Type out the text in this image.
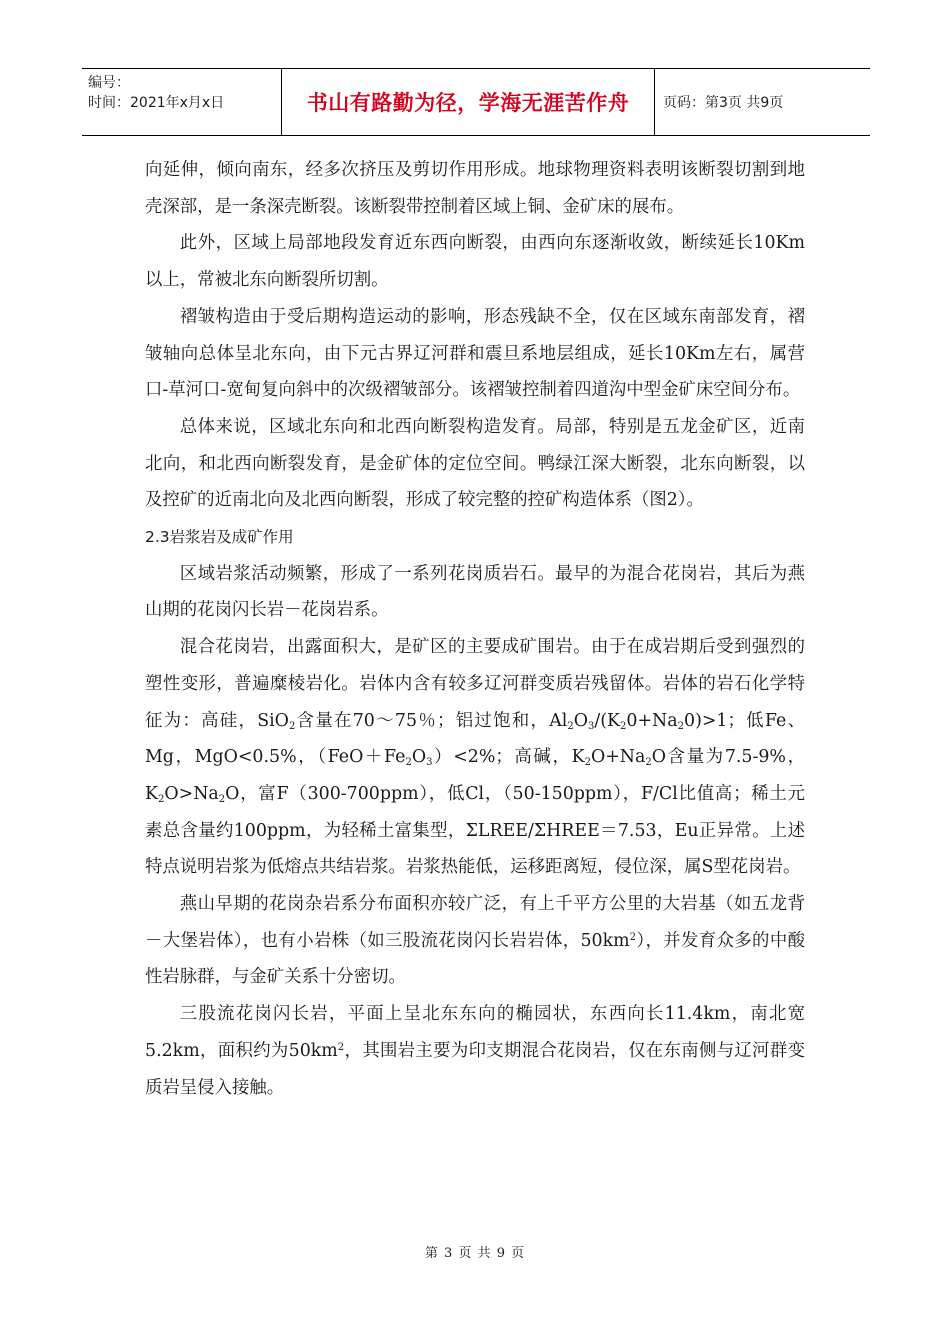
编号：
时间：2021年x月x日	书山有路勤为径，学海无涯苦作舟	页码：第3页 共9页

向延伸，倾向南东，经多次挤压及剪切作用形成。地球物理资料表明该断裂切割到地壳深部，是一条深壳断裂。该断裂带控制着区域上铜、金矿床的展布。

此外，区域上局部地段发育近东西向断裂，由西向东逐渐收敛，断续延长10Km以上，常被北东向断裂所切割。

褶皱构造由于受后期构造运动的影响，形态残缺不全，仅在区域东南部发育，褶皱轴向总体呈北东向，由下元古界辽河群和震旦系地层组成，延长10Km左右，属营口-草河口-宽甸复向斜中的次级褶皱部分。该褶皱控制着四道沟中型金矿床空间分布。

总体来说，区域北东向和北西向断裂构造发育。局部，特别是五龙金矿区，近南北向，和北西向断裂发育，是金矿体的定位空间。鸭绿江深大断裂，北东向断裂，以及控矿的近南北向及北西向断裂，形成了较完整的控矿构造体系（图2）。

2.3岩浆岩及成矿作用

区域岩浆活动频繁，形成了一系列花岗质岩石。最早的为混合花岗岩，其后为燕山期的花岗闪长岩－花岗岩系。

混合花岗岩，出露面积大，是矿区的主要成矿围岩。由于在成岩期后受到强烈的塑性变形，普遍糜棱岩化。岩体内含有较多辽河群变质岩残留体。岩体的岩石化学特征为：高硅，SiO$_2$含量在70～75％；铝过饱和，$Al_2O_3/(K_20+Na_20)>1$；低Fe、Mg，MgO<0.5%，$(FeO+Fe_2O_3)<2\%$；高碱，$K_2O+Na_2O$含量为7.5-9%，$K_2O>Na_2O$，富F（300-700ppm），低Cl，（50-150ppm），F/Cl比值高；稀土元素总含量约100ppm，为轻稀土富集型，ΣLREE/ΣHREE＝7.53，Eu正异常。上述特点说明岩浆为低熔点共结岩浆。岩浆热能低，运移距离短，侵位深，属S型花岗岩。

燕山早期的花岗杂岩系分布面积亦较广泛，有上千平方公里的大岩基（如五龙背－大堡岩体），也有小岩株（如三股流花岗闪长岩岩体，$50km^2$），并发育众多的中酸性岩脉群，与金矿关系十分密切。

三股流花岗闪长岩，平面上呈北东东向的椭园状，东西向长11.4km，南北宽5.2km，面积约为$50km^2$，其围岩主要为印支期混合花岗岩，仅在东南侧与辽河群变质岩呈侵入接触。

第 3 页 共 9 页
